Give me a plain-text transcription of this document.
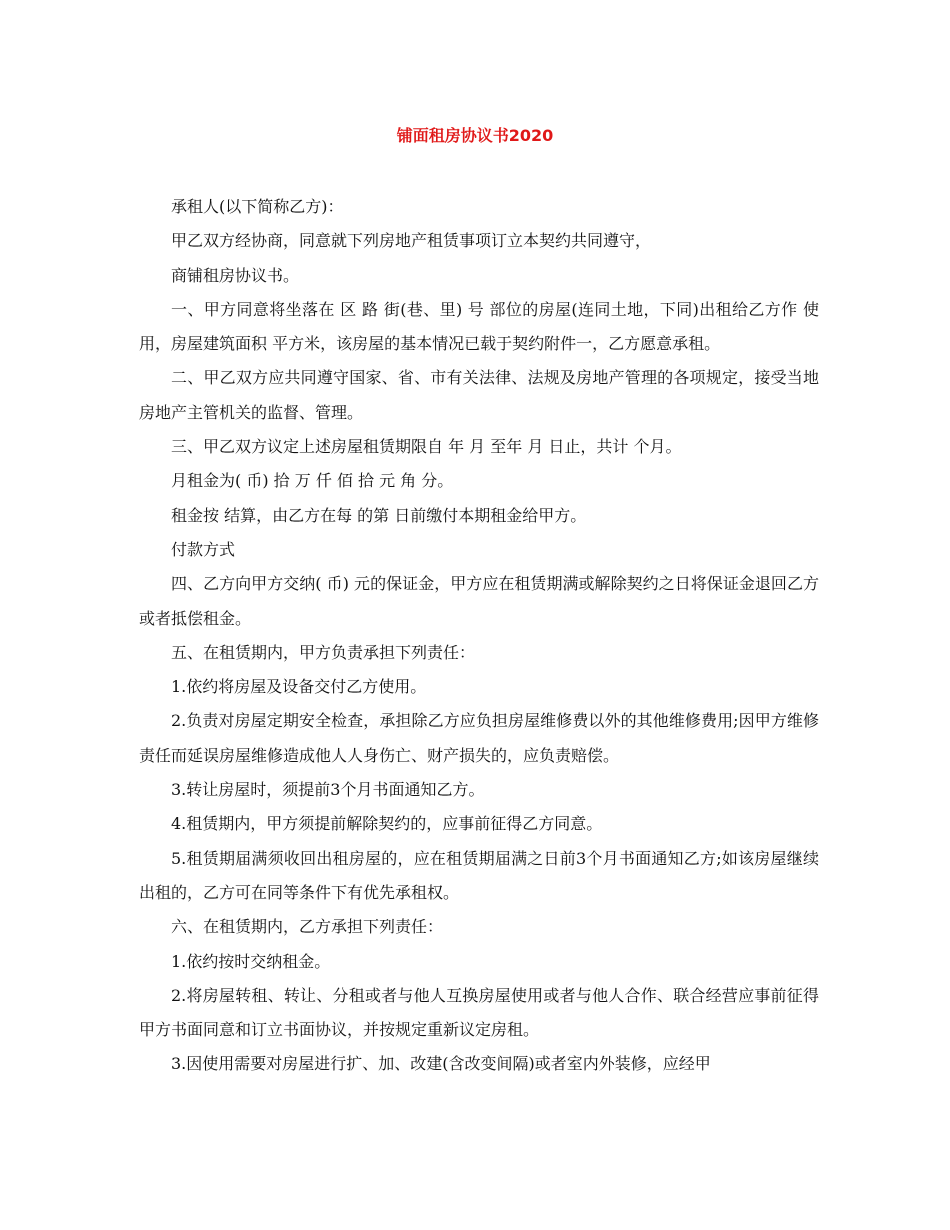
铺面租房协议书2020

承租人(以下简称乙方)：

甲乙双方经协商，同意就下列房地产租赁事项订立本契约共同遵守，

商铺租房协议书。

一、甲方同意将坐落在 区 路 街(巷、里) 号 部位的房屋(连同土地，下同)出租给乙方作 使用，房屋建筑面积 平方米，该房屋的基本情况已载于契约附件一，乙方愿意承租。

二、甲乙双方应共同遵守国家、省、市有关法律、法规及房地产管理的各项规定，接受当地房地产主管机关的监督、管理。

三、甲乙双方议定上述房屋租赁期限自 年 月 至年 月 日止，共计 个月。

月租金为( 币) 拾 万 仟 佰 拾 元 角 分。

租金按 结算，由乙方在每 的第 日前缴付本期租金给甲方。

付款方式

四、乙方向甲方交纳( 币) 元的保证金，甲方应在租赁期满或解除契约之日将保证金退回乙方或者抵偿租金。

五、在租赁期内，甲方负责承担下列责任：

1.依约将房屋及设备交付乙方使用。

2.负责对房屋定期安全检查，承担除乙方应负担房屋维修费以外的其他维修费用;因甲方维修责任而延误房屋维修造成他人人身伤亡、财产损失的，应负责赔偿。

3.转让房屋时，须提前3个月书面通知乙方。

4.租赁期内，甲方须提前解除契约的，应事前征得乙方同意。

5.租赁期届满须收回出租房屋的，应在租赁期届满之日前3个月书面通知乙方;如该房屋继续出租的，乙方可在同等条件下有优先承租权。

六、在租赁期内，乙方承担下列责任：

1.依约按时交纳租金。

2.将房屋转租、转让、分租或者与他人互换房屋使用或者与他人合作、联合经营应事前征得甲方书面同意和订立书面协议，并按规定重新议定房租。

3.因使用需要对房屋进行扩、加、改建(含改变间隔)或者室内外装修，应经甲
